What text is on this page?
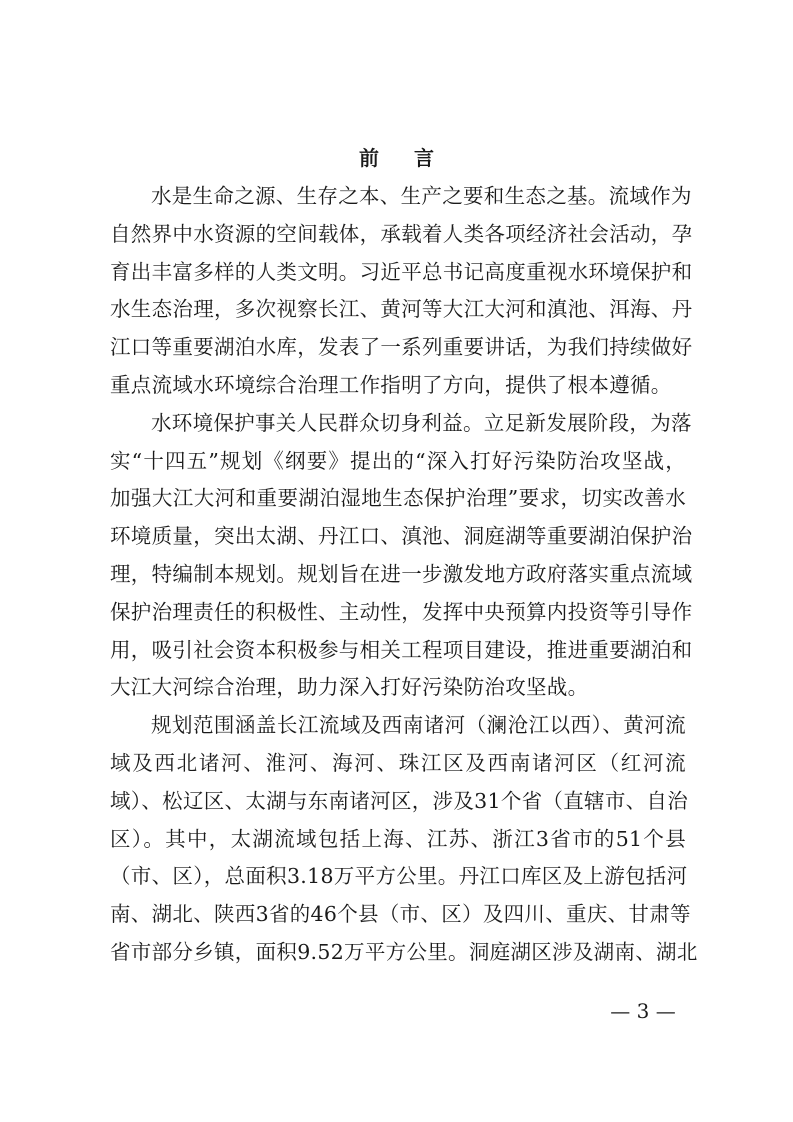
前 言

水是生命之源、生存之本、生产之要和生态之基。流域作为
自然界中水资源的空间载体，承载着人类各项经济社会活动，孕
育出丰富多样的人类文明。习近平总书记高度重视水环境保护和
水生态治理，多次视察长江、黄河等大江大河和滇池、洱海、丹
江口等重要湖泊水库，发表了一系列重要讲话，为我们持续做好
重点流域水环境综合治理工作指明了方向，提供了根本遵循。

水环境保护事关人民群众切身利益。立足新发展阶段，为落
实“十四五”规划《纲要》提出的“深入打好污染防治攻坚战，
加强大江大河和重要湖泊湿地生态保护治理”要求，切实改善水
环境质量，突出太湖、丹江口、滇池、洞庭湖等重要湖泊保护治
理，特编制本规划。规划旨在进一步激发地方政府落实重点流域
保护治理责任的积极性、主动性，发挥中央预算内投资等引导作
用，吸引社会资本积极参与相关工程项目建设，推进重要湖泊和
大江大河综合治理，助力深入打好污染防治攻坚战。

规划范围涵盖长江流域及西南诸河（澜沧江以西）、黄河流
域及西北诸河、淮河、海河、珠江区及西南诸河区（红河流
域）、松辽区、太湖与东南诸河区，涉及31个省（直辖市、自治
区）。其中，太湖流域包括上海、江苏、浙江3省市的51个县
（市、区），总面积3.18万平方公里。丹江口库区及上游包括河
南、湖北、陕西3省的46个县（市、区）及四川、重庆、甘肃等
省市部分乡镇，面积9.52万平方公里。洞庭湖区涉及湖南、湖北

— 3 —
